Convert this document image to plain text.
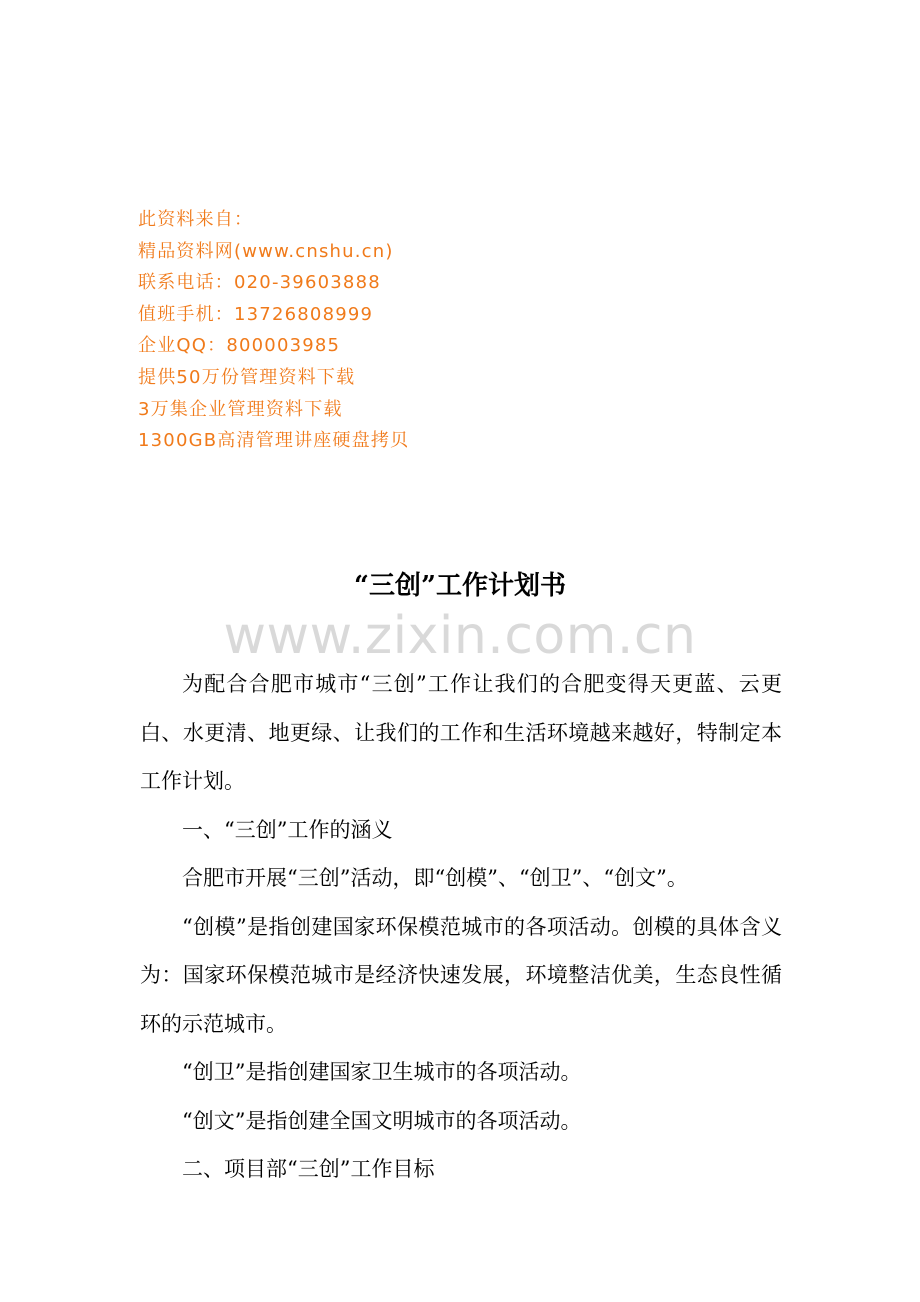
此资料来自：
精品资料网(www.cnshu.cn)
联系电话：020-39603888
值班手机：13726808999
企业QQ：800003985
提供50万份管理资料下载
3万集企业管理资料下载
1300GB高清管理讲座硬盘拷贝
“三创”工作计划书
www.zixin.com.cn

为配合合肥市城市“三创”工作让我们的合肥变得天更蓝、云更白、水更清、地更绿、让我们的工作和生活环境越来越好，特制定本工作计划。

一、“三创”工作的涵义

合肥市开展“三创”活动，即“创模”、“创卫”、“创文”。

“创模”是指创建国家环保模范城市的各项活动。创模的具体含义为：国家环保模范城市是经济快速发展，环境整洁优美，生态良性循环的示范城市。

“创卫”是指创建国家卫生城市的各项活动。

“创文”是指创建全国文明城市的各项活动。

二、项目部“三创”工作目标
